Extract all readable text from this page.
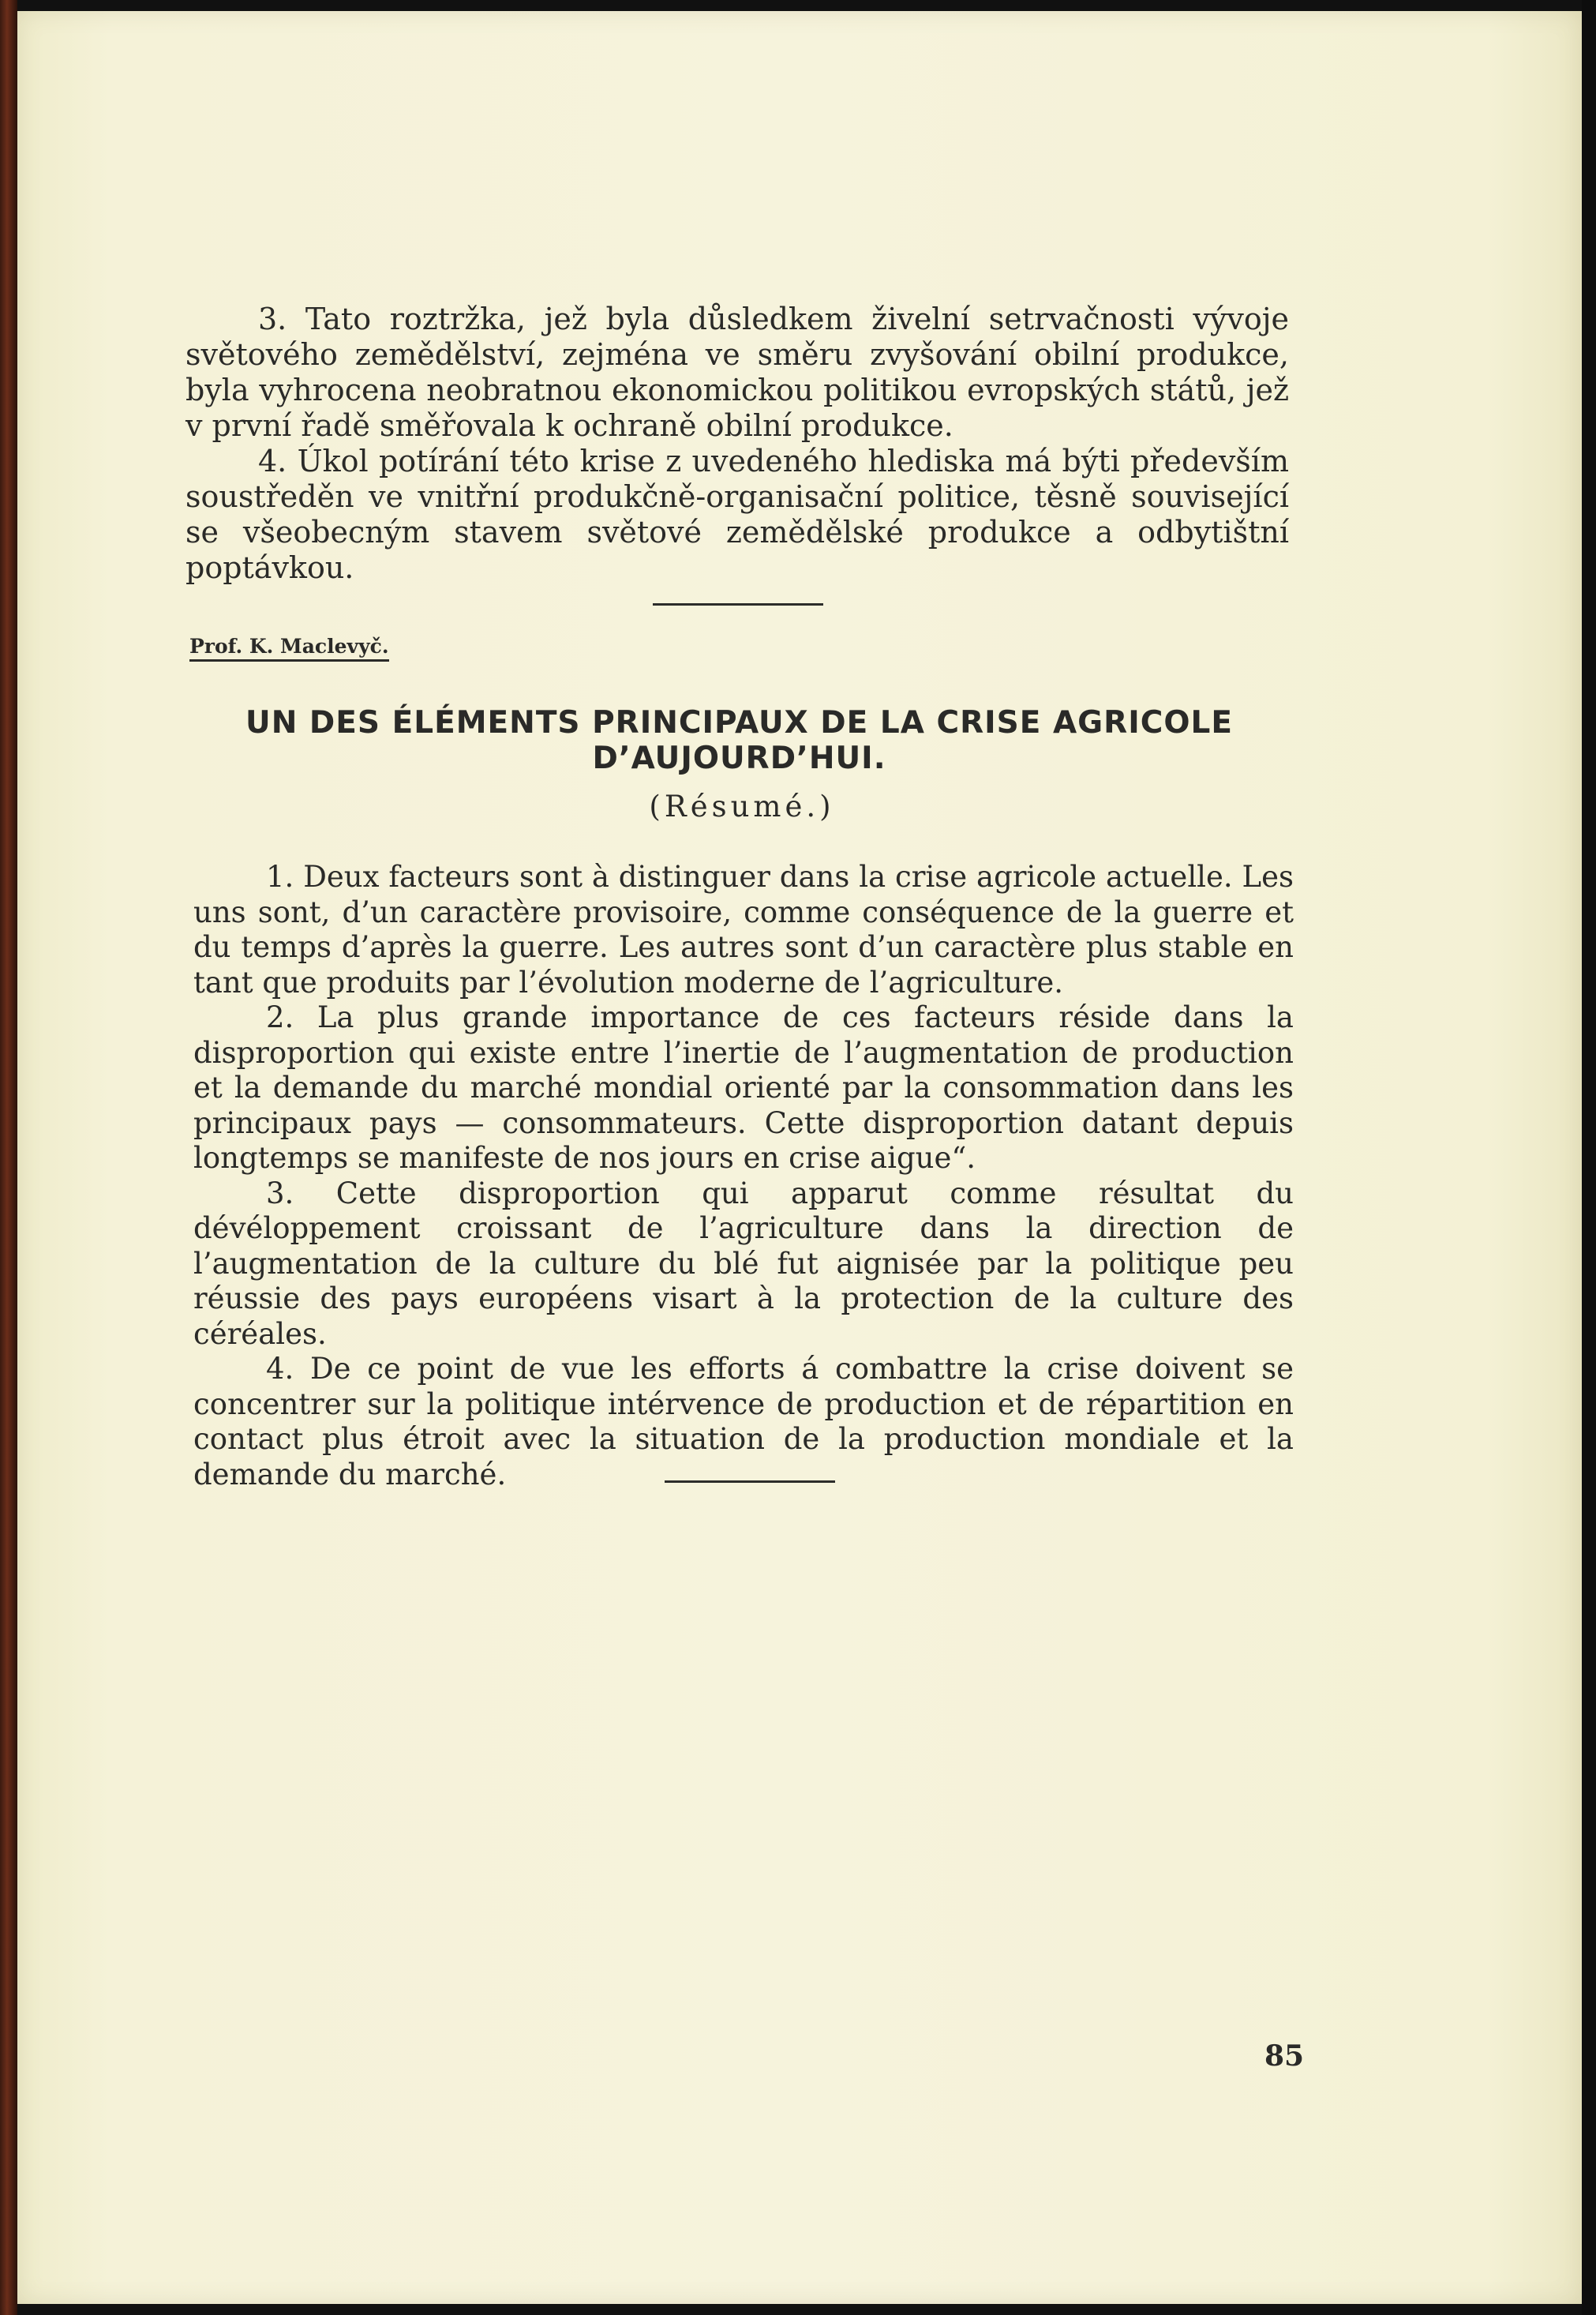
3. Tato roztržka, jež byla důsledkem živelní setrvačnosti vývoje světového zemědělství, zejména ve směru zvyšování obilní produkce, byla vyhrocena neobratnou ekonomickou politikou evropských států, jež v první řadě směřovala k ochraně obilní produkce.

4. Úkol potírání této krise z uvedeného hlediska má býti především soustředěn ve vnitřní produkčně-organisační politice, těsně související se všeobecným stavem světové zemědělské produkce a odbytištní poptávkou.

Prof. K. Maclevyč.
UN DES ÉLÉMENTS PRINCIPAUX DE LA CRISE AGRICOLE D’AUJOURD’HUI.
(Résumé.)

1. Deux facteurs sont à distinguer dans la crise agricole actuelle. Les uns sont, d’un caractère provisoire, comme conséquence de la guerre et du temps d’après la guerre. Les autres sont d’un caractère plus stable en tant que produits par l’évolution moderne de l’agriculture.

2. La plus grande importance de ces facteurs réside dans la disproportion qui existe entre l’inertie de l’augmentation de production et la demande du marché mondial orienté par la consommation dans les principaux pays — consommateurs. Cette disproportion datant depuis longtemps se manifeste de nos jours en crise aigue“.

3. Cette disproportion qui apparut comme résultat du dévéloppement croissant de l’agriculture dans la direction de l’augmentation de la culture du blé fut aignisée par la politique peu réussie des pays européens visart à la protection de la culture des céréales.

4. De ce point de vue les efforts á combattre la crise doivent se concentrer sur la politique intérvence de production et de répartition en contact plus étroit avec la situation de la production mondiale et la demande du marché.

85
